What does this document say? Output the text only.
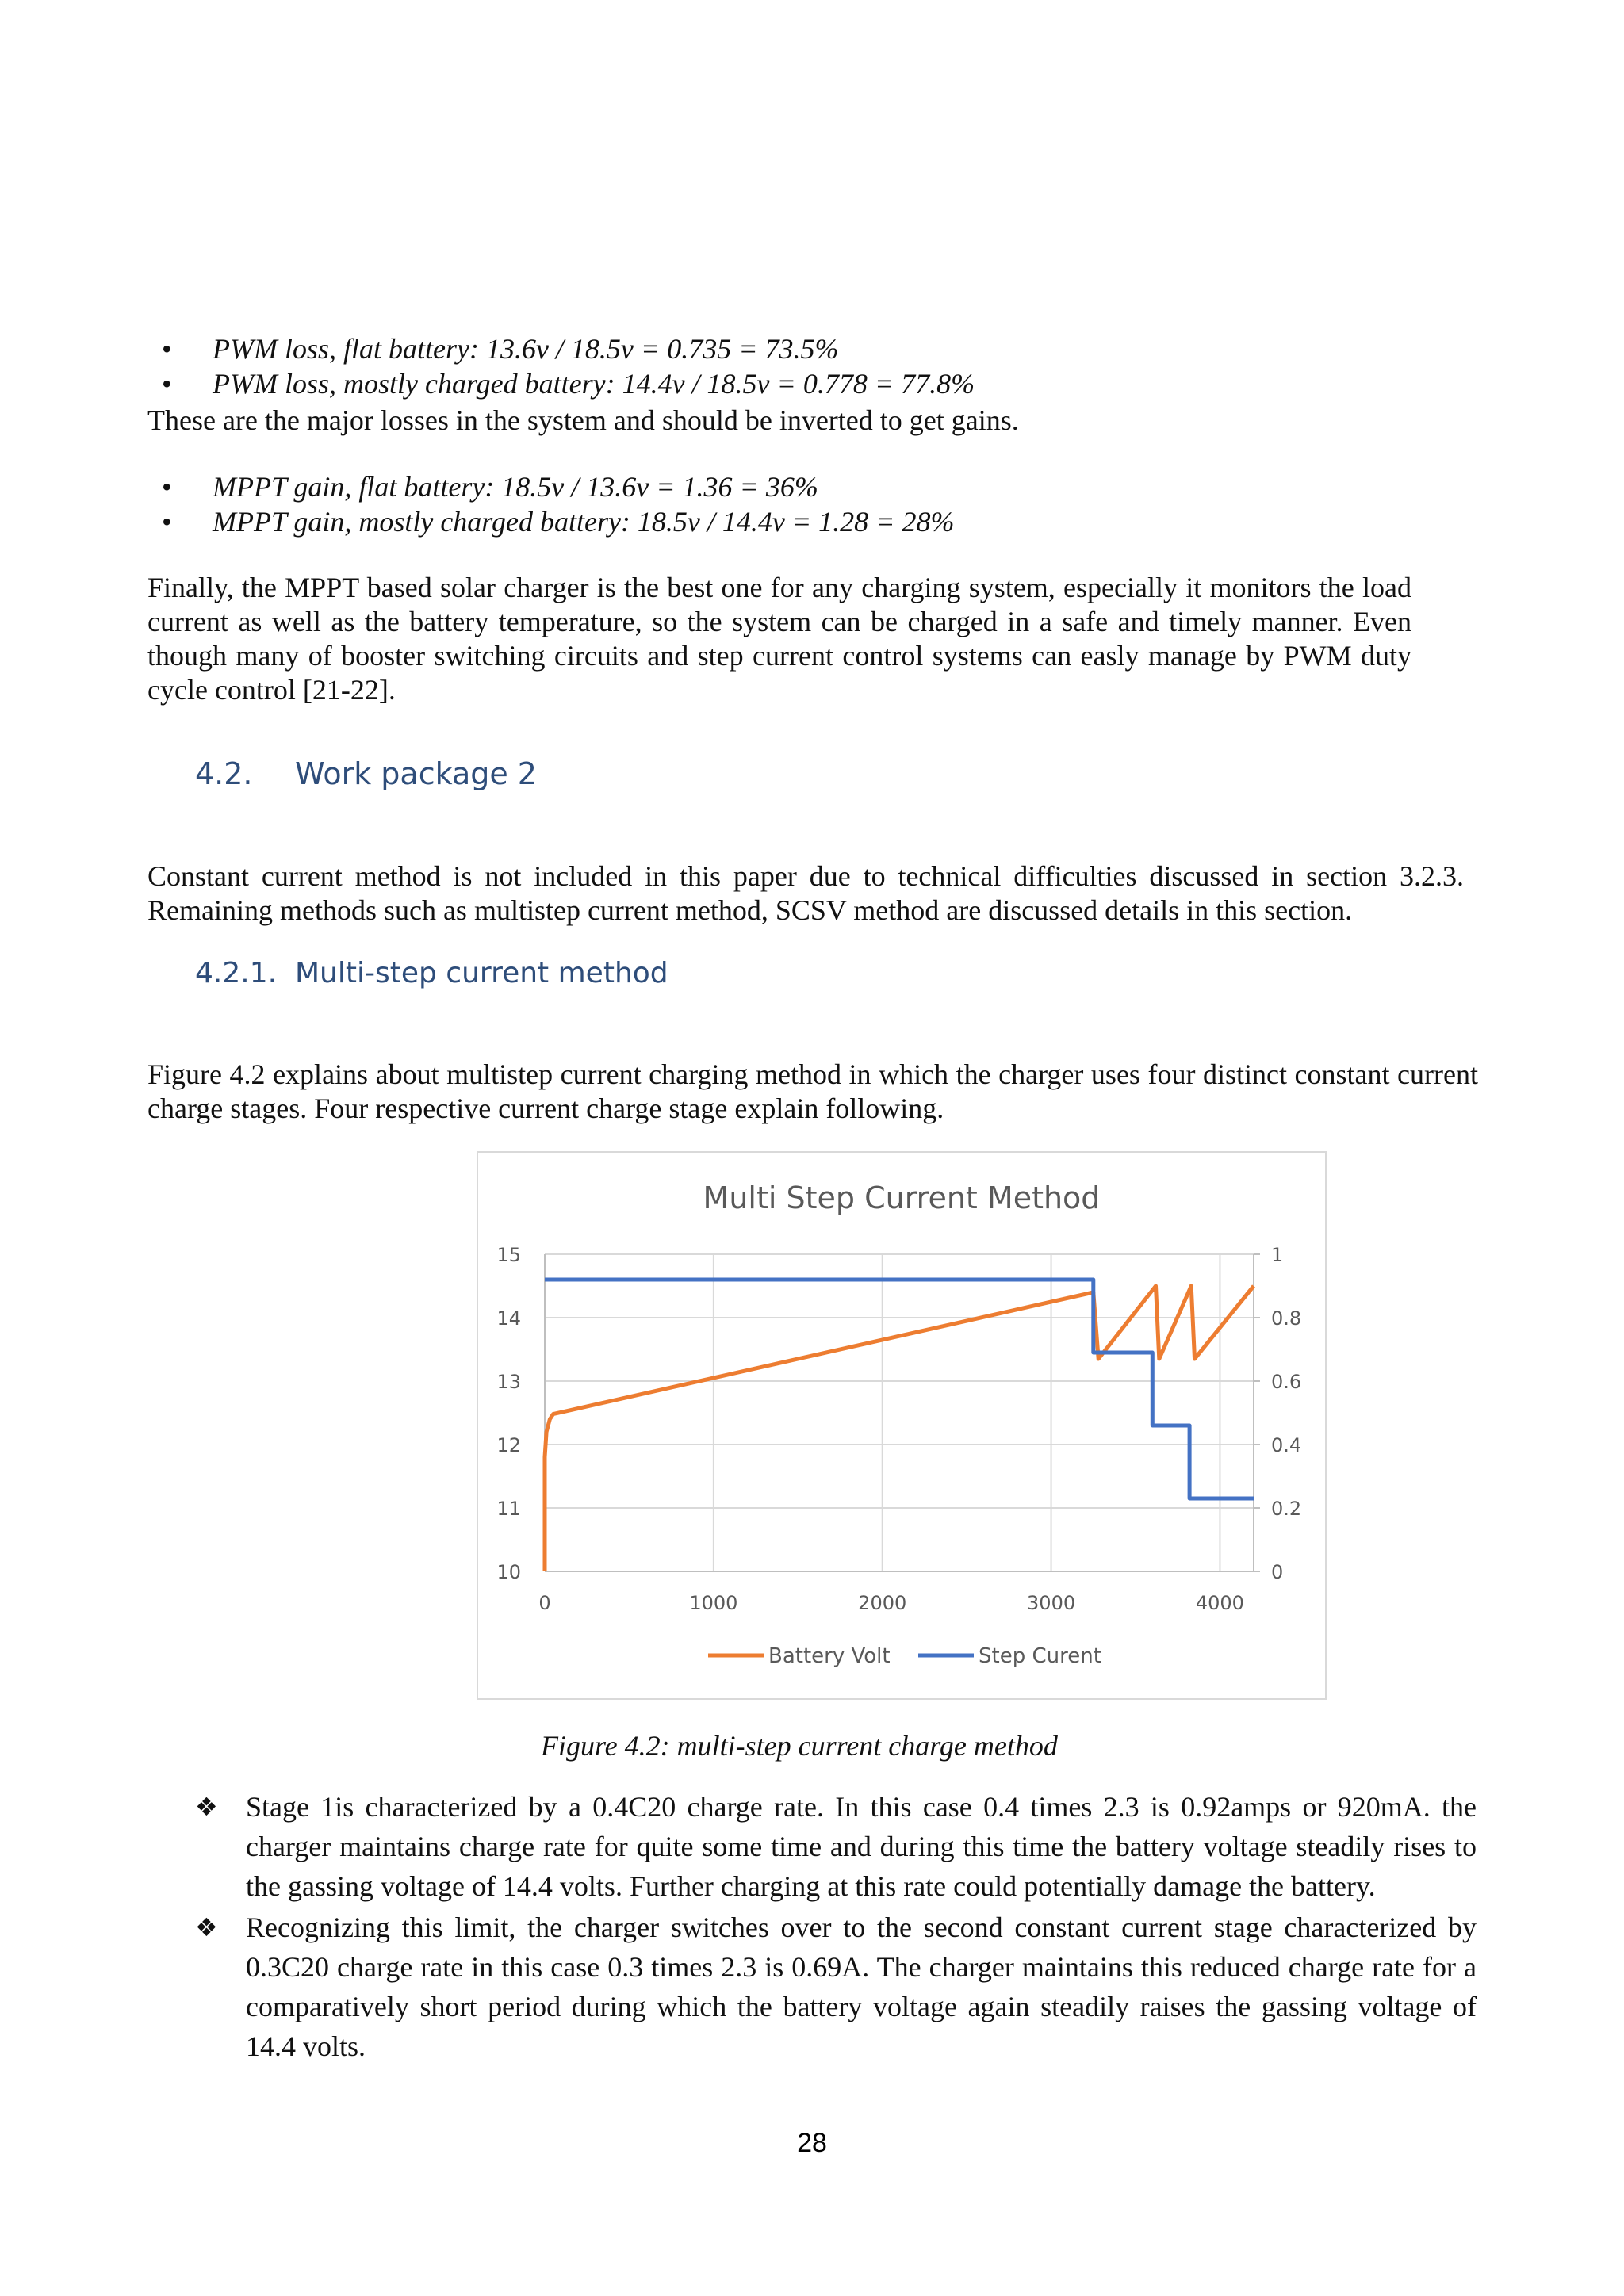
• PWM loss, flat battery: 13.6v / 18.5v = 0.735 = 73.5%
• PWM loss, mostly charged battery: 14.4v / 18.5v = 0.778 = 77.8%
These are the major losses in the system and should be inverted to get gains.
• MPPT gain, flat battery: 18.5v / 13.6v = 1.36 = 36%
• MPPT gain, mostly charged battery: 18.5v / 14.4v = 1.28 = 28%

Finally, the MPPT based solar charger is the best one for any charging system, especially it monitors the load current as well as the battery temperature, so the system can be charged in a safe and timely manner. Even though many of booster switching circuits and step current control systems can easly manage by PWM duty cycle control [21-22].

4.2. Work package 2

Constant current method is not included in this paper due to technical difficulties discussed in section 3.2.3. Remaining methods such as multistep current method, SCSV method are discussed details in this section.

4.2.1. Multi-step current method

Figure 4.2 explains about multistep current charging method in which the charger uses four distinct constant current charge stages. Four respective current charge stage explain following.

Multi Step Current Method
10
11
12
13
14
15
0
0.2
0.4
0.6
0.8
1
0	1000	2000	3000	4000
Battery Volt	Step Curent
Figure 4.2: multi-step current charge method
❖ Stage 1is characterized by a 0.4C20 charge rate. In this case 0.4 times 2.3 is 0.92amps or 920mA. the charger maintains charge rate for quite some time and during this time the battery voltage steadily rises to the gassing voltage of 14.4 volts. Further charging at this rate could potentially damage the battery.
❖ Recognizing this limit, the charger switches over to the second constant current stage characterized by 0.3C20 charge rate in this case 0.3 times 2.3 is 0.69A. The charger maintains this reduced charge rate for a comparatively short period during which the battery voltage again steadily raises the gassing voltage of 14.4 volts.
28
